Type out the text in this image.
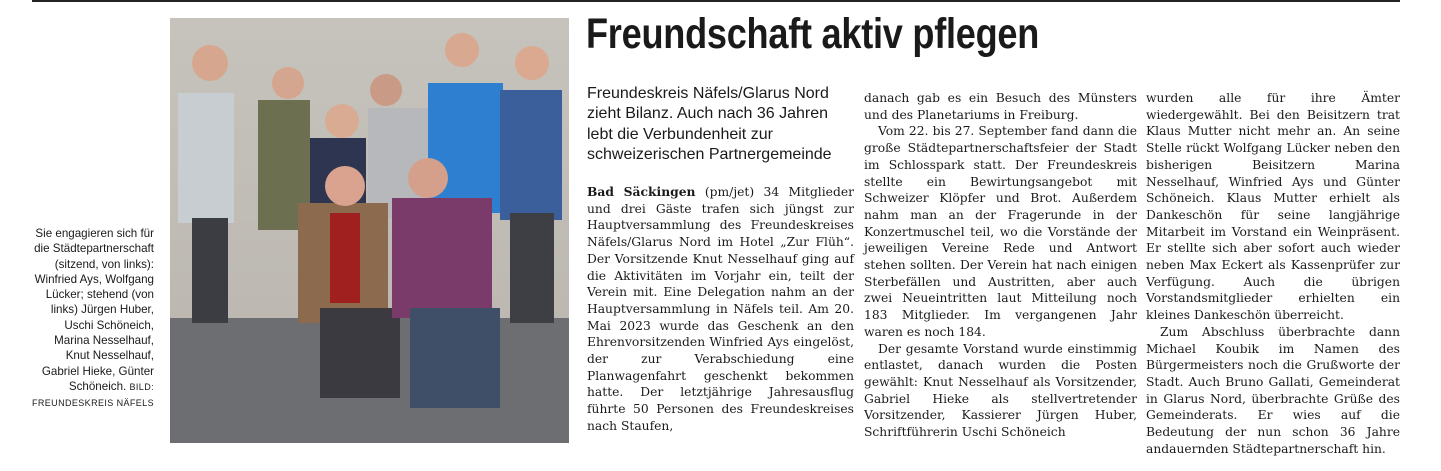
Sie engagieren sich für die Städtepartnerschaft (sitzend, von links): Winfried Ays, Wolfgang Lücker; stehend (von links) Jürgen Huber, Uschi Schöneich, Marina Nesselhauf, Knut Nesselhauf, Gabriel Hieke, Günter Schöneich. BILD: FREUNDESKREIS NÄFELS
Freundschaft aktiv pflegen
Freundeskreis Näfels/Glarus Nord zieht Bilanz. Auch nach 36 Jahren lebt die Verbundenheit zur schweizerischen Partnergemeinde

Bad Säckingen (pm/jet) 34 Mitglieder und drei Gäste trafen sich jüngst zur Hauptversammlung des Freundeskreises Näfels/Glarus Nord im Hotel „Zur Flüh“. Der Vorsitzende Knut Nesselhauf ging auf die Aktivitäten im Vorjahr ein, teilt der Verein mit. Eine Delegation nahm an der Hauptversammlung in Näfels teil. Am 20. Mai 2023 wurde das Geschenk an den Ehrenvorsitzenden Winfried Ays eingelöst, der zur Verabschiedung eine Planwagenfahrt geschenkt bekommen hatte. Der letztjährige Jahresausflug führte 50 Personen des Freundeskreises nach Staufen,

danach gab es ein Besuch des Münsters und des Planetariums in Freiburg.

Vom 22. bis 27. September fand dann die große Städtepartnerschaftsfeier der Stadt im Schlosspark statt. Der Freundeskreis stellte ein Bewirtungsangebot mit Schweizer Klöpfer und Brot. Außerdem nahm man an der Fragerunde in der Konzertmuschel teil, wo die Vorstände der jeweiligen Vereine Rede und Antwort stehen sollten. Der Verein hat nach einigen Sterbefällen und Austritten, aber auch zwei Neueintritten laut Mitteilung noch 183 Mitglieder. Im vergangenen Jahr waren es noch 184.

Der gesamte Vorstand wurde einstimmig entlastet, danach wurden die Posten gewählt: Knut Nesselhauf als Vorsitzender, Gabriel Hieke als stellvertretender Vorsitzender, Kassierer Jürgen Huber, Schriftführerin Uschi Schöneich

wurden alle für ihre Ämter wiedergewählt. Bei den Beisitzern trat Klaus Mutter nicht mehr an. An seine Stelle rückt Wolfgang Lücker neben den bisherigen Beisitzern Marina Nesselhauf, Winfried Ays und Günter Schöneich. Klaus Mutter erhielt als Dankeschön für seine langjährige Mitarbeit im Vorstand ein Weinpräsent. Er stellte sich aber sofort auch wieder neben Max Eckert als Kassenprüfer zur Verfügung. Auch die übrigen Vorstandsmitglieder erhielten ein kleines Dankeschön überreicht.

Zum Abschluss überbrachte dann Michael Koubik im Namen des Bürgermeisters noch die Grußworte der Stadt. Auch Bruno Gallati, Gemeinderat in Glarus Nord, überbrachte Grüße des Gemeinderats. Er wies auf die Bedeutung der nun schon 36 Jahre andauernden Städtepartnerschaft hin.
